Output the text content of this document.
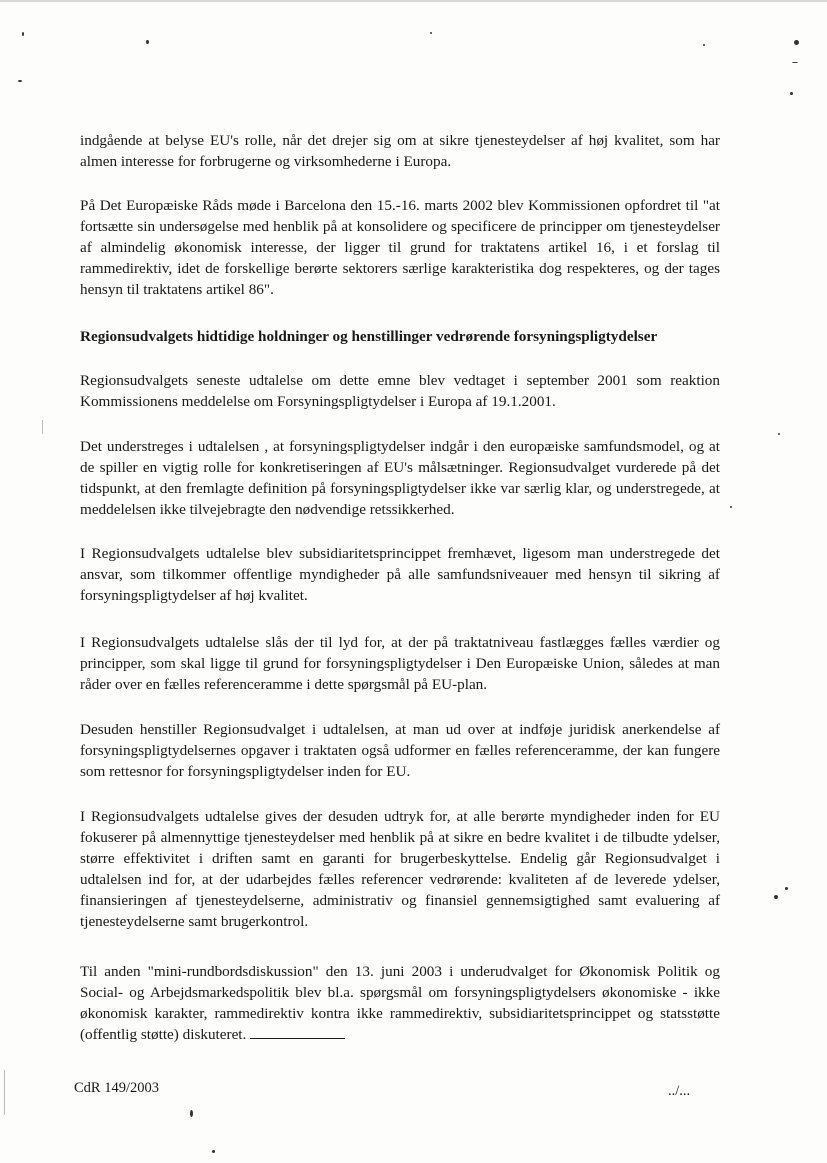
indgående at belyse EU's rolle, når det drejer sig om at sikre tjenesteydelser af høj kvalitet, som har almen interesse for forbrugerne og virksomhederne i Europa.

På Det Europæiske Råds møde i Barcelona den 15.-16. marts 2002 blev Kommissionen opfordret til "at fortsætte sin undersøgelse med henblik på at konsolidere og specificere de principper om tjenesteydelser af almindelig økonomisk interesse, der ligger til grund for traktatens artikel 16, i et forslag til rammedirektiv, idet de forskellige berørte sektorers særlige karakteristika dog respekteres, og der tages hensyn til traktatens artikel 86".

Regionsudvalgets hidtidige holdninger og henstillinger vedrørende forsyningspligtydelser

Regionsudvalgets seneste udtalelse om dette emne blev vedtaget i september 2001 som reaktion Kommissionens meddelelse om Forsyningspligtydelser i Europa af 19.1.2001.

Det understreges i udtalelsen , at forsyningspligtydelser indgår i den europæiske samfundsmodel, og at de spiller en vigtig rolle for konkretiseringen af EU's målsætninger. Regionsudvalget vurderede på det tidspunkt, at den fremlagte definition på forsyningspligtydelser ikke var særlig klar, og understregede, at meddelelsen ikke tilvejebragte den nødvendige retssikkerhed.

I Regionsudvalgets udtalelse blev subsidiaritetsprincippet fremhævet, ligesom man understregede det ansvar, som tilkommer offentlige myndigheder på alle samfundsniveauer med hensyn til sikring af forsyningspligtydelser af høj kvalitet.

I Regionsudvalgets udtalelse slås der til lyd for, at der på traktatniveau fastlægges fælles værdier og principper, som skal ligge til grund for forsyningspligtydelser i Den Europæiske Union, således at man råder over en fælles referenceramme i dette spørgsmål på EU-plan.

Desuden henstiller Regionsudvalget i udtalelsen, at man ud over at indføje juridisk anerkendelse af forsyningspligtydelsernes opgaver i traktaten også udformer en fælles referenceramme, der kan fungere som rettesnor for forsyningspligtydelser inden for EU.

I Regionsudvalgets udtalelse gives der desuden udtryk for, at alle berørte myndigheder inden for EU fokuserer på almennyttige tjenesteydelser med henblik på at sikre en bedre kvalitet i de tilbudte ydelser, større effektivitet i driften samt en garanti for brugerbeskyttelse. Endelig går Regionsudvalget i udtalelsen ind for, at der udarbejdes fælles referencer vedrørende: kvaliteten af de leverede ydelser, finansieringen af tjenesteydelserne, administrativ og finansiel gennemsigtighed samt evaluering af tjenesteydelserne samt brugerkontrol.

Til anden "mini-rundbordsdiskussion" den 13. juni 2003 i underudvalget for Økonomisk Politik og Social- og Arbejdsmarkedspolitik blev bl.a. spørgsmål om forsyningspligtydelsers økonomiske - ikke økonomisk karakter, rammedirektiv kontra ikke rammedirektiv, subsidiaritetsprincippet og statsstøtte (offentlig støtte) diskuteret.

CdR 149/2003	../...
